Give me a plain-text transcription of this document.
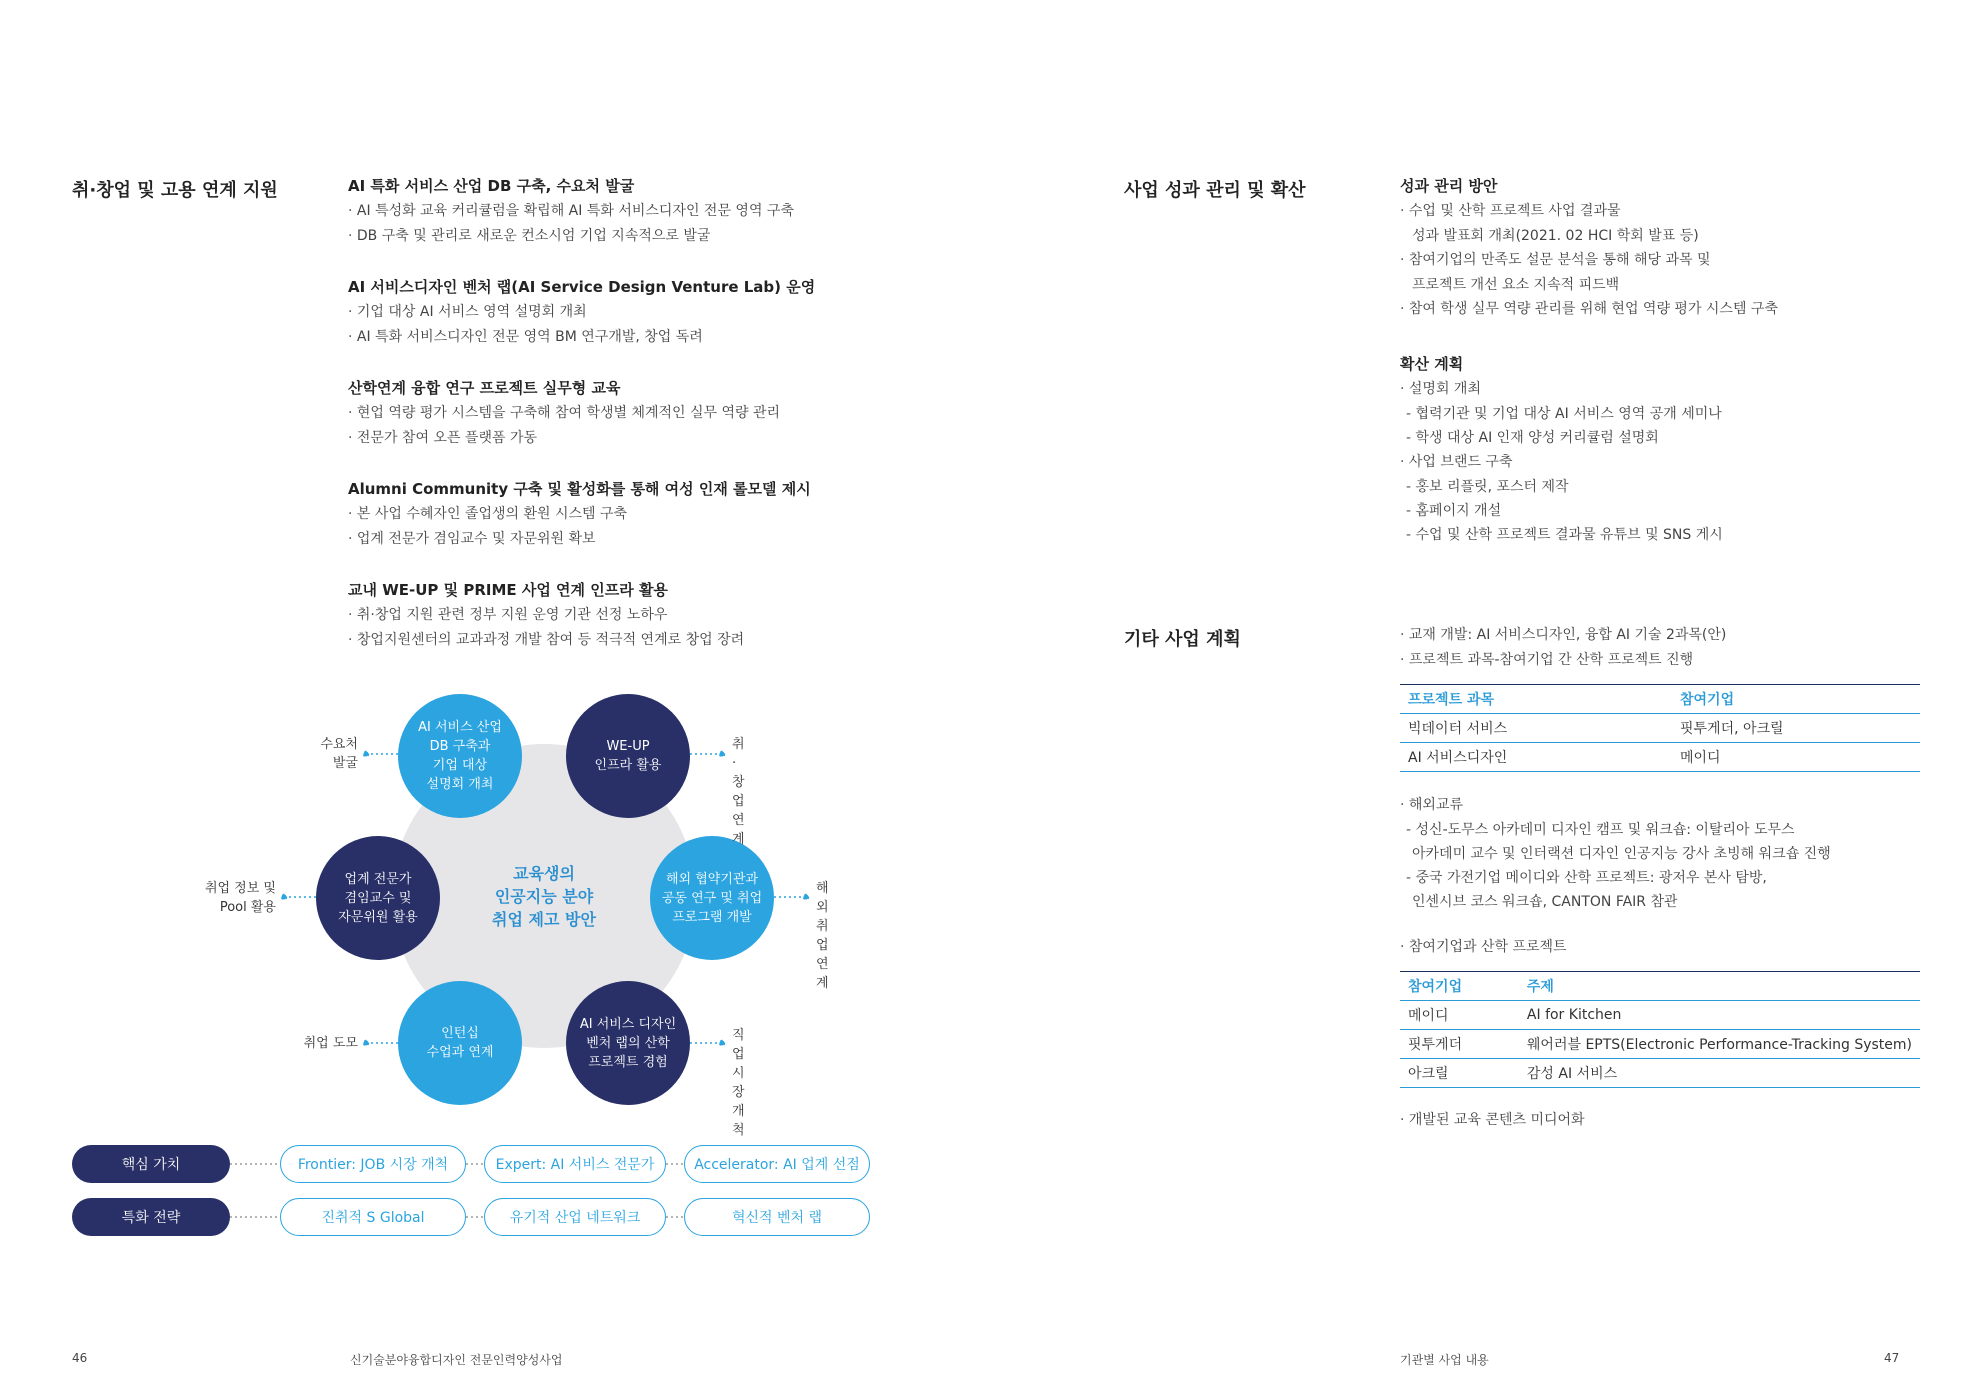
취·창업 및 고용 연계 지원	AI 특화 서비스 산업 DB 구축, 수요처 발굴
· AI 특성화 교육 커리큘럼을 확립해 AI 특화 서비스디자인 전문 영역 구축
· DB 구축 및 관리로 새로운 컨소시엄 기업 지속적으로 발굴
AI 서비스디자인 벤처 랩(AI Service Design Venture Lab) 운영
· 기업 대상 AI 서비스 영역 설명회 개최
· AI 특화 서비스디자인 전문 영역 BM 연구개발, 창업 독려
산학연계 융합 연구 프로젝트 실무형 교육
· 현업 역량 평가 시스템을 구축해 참여 학생별 체계적인 실무 역량 관리
· 전문가 참여 오픈 플랫폼 가동
Alumni Community 구축 및 활성화를 통해 여성 인재 롤모델 제시
· 본 사업 수혜자인 졸업생의 환원 시스템 구축
· 업계 전문가 겸임교수 및 자문위원 확보
교내 WE-UP 및 PRIME 사업 연계 인프라 활용
· 취·창업 지원 관련 정부 지원 운영 기관 선정 노하우
· 창업지원센터의 교과과정 개발 참여 등 적극적 연계로 창업 장려
교육생의
인공지능 분야
취업 제고 방안
AI 서비스 산업
DB 구축과
기업 대상
설명회 개최
WE-UP
인프라 활용
해외 협약기관과
공동 연구 및 취업
프로그램 개발
AI 서비스 디자인
벤처 랩의 산학
프로젝트 경험
인턴십
수업과 연계
업계 전문가
겸임교수 및
자문위원 활용
수요처
발굴
취·창업
연계
해외
취업 연계
직업
시장 개척
취업 도모
취업 정보 및
Pool 활용
핵심 가치	Frontier: JOB 시장 개척	Expert: AI 서비스 전문가	Accelerator: AI 업계 선점
특화 전략	진취적 S Global	유기적 산업 네트워크	혁신적 벤처 랩
46	신기술분야융합디자인 전문인력양성사업
사업 성과 관리 및 확산	성과 관리 방안
· 수업 및 산학 프로젝트 사업 결과물
성과 발표회 개최(2021. 02 HCI 학회 발표 등)
· 참여기업의 만족도 설문 분석을 통해 해당 과목 및
프로젝트 개선 요소 지속적 피드백
· 참여 학생 실무 역량 관리를 위해 현업 역량 평가 시스템 구축
확산 계획
· 설명회 개최
- 협력기관 및 기업 대상 AI 서비스 영역 공개 세미나
- 학생 대상 AI 인재 양성 커리큘럼 설명회
· 사업 브랜드 구축
- 홍보 리플릿, 포스터 제작
- 홈페이지 개설
- 수업 및 산학 프로젝트 결과물 유튜브 및 SNS 게시
기타 사업 계획	· 교재 개발: AI 서비스디자인, 융합 AI 기술 2과목(안)
· 프로젝트 과목-참여기업 간 산학 프로젝트 진행
프로젝트 과목	참여기업
빅데이터 서비스	핏투게더, 아크릴
AI 서비스디자인	메이디
· 해외교류
- 성신-도무스 아카데미 디자인 캠프 및 워크숍: 이탈리아 도무스
아카데미 교수 및 인터랙션 디자인 인공지능 강사 초빙해 워크숍 진행
- 중국 가전기업 메이디와 산학 프로젝트: 광저우 본사 탐방,
인센시브 코스 워크숍, CANTON FAIR 참관
· 참여기업과 산학 프로젝트
참여기업	주제
메이디	AI for Kitchen
핏투게더	웨어러블 EPTS(Electronic Performance-Tracking System)
아크릴	감성 AI 서비스
· 개발된 교육 콘텐츠 미디어화
기관별 사업 내용	47
